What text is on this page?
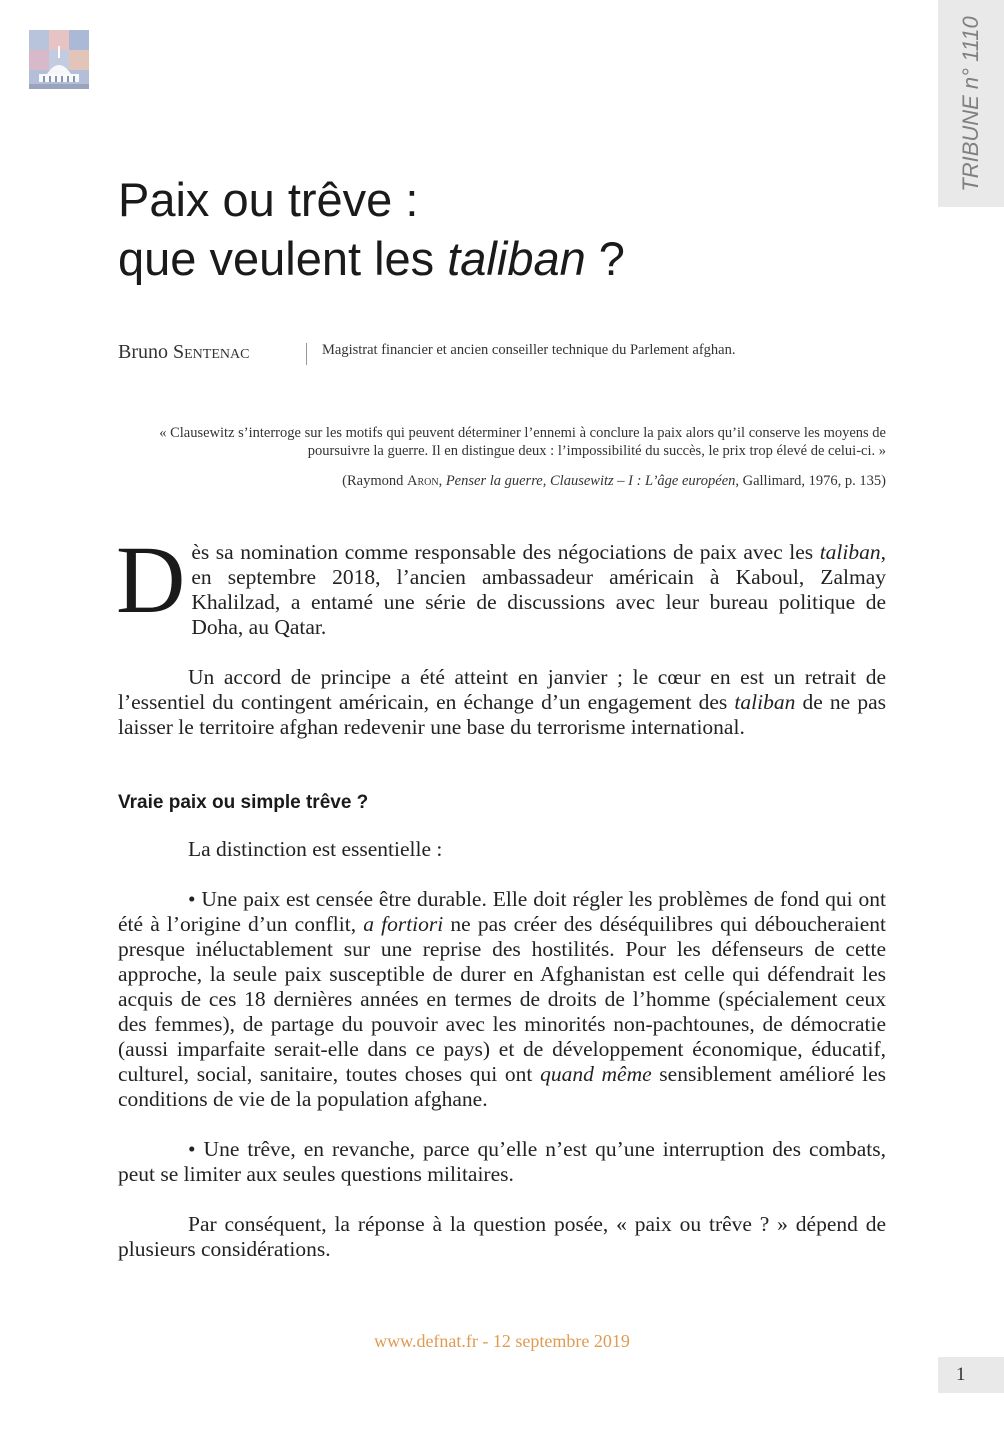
TRIBUNE n° 1110
Paix ou trêve :
que veulent les taliban ?
Bruno Sentenac	Magistrat financier et ancien conseiller technique du Parlement afghan.

« Clausewitz s’interroge sur les motifs qui peuvent déterminer l’ennemi à conclure la paix alors qu’il conserve les moyens de poursuivre la guerre. Il en distingue deux : l’impossibilité du succès, le prix trop élevé de celui-ci. »

(Raymond Aron, Penser la guerre, Clausewitz – I : L’âge européen, Gallimard, 1976, p. 135)

Dès sa nomination comme responsable des négociations de paix avec les taliban, en septembre 2018, l’ancien ambassadeur américain à Kaboul, Zalmay Khalilzad, a entamé une série de discussions avec leur bureau politique de Doha, au Qatar.

Un accord de principe a été atteint en janvier ; le cœur en est un retrait de l’essentiel du contingent américain, en échange d’un engagement des taliban de ne pas laisser le territoire afghan redevenir une base du terrorisme international.

Vraie paix ou simple trêve ?

La distinction est essentielle :

• Une paix est censée être durable. Elle doit régler les problèmes de fond qui ont été à l’origine d’un conflit, a fortiori ne pas créer des déséquilibres qui déboucheraient presque inéluctablement sur une reprise des hostilités. Pour les défenseurs de cette approche, la seule paix susceptible de durer en Afghanistan est celle qui défendrait les acquis de ces 18 dernières années en termes de droits de l’homme (spécialement ceux des femmes), de partage du pouvoir avec les minorités non-pachtounes, de démocratie (aussi imparfaite serait-elle dans ce pays) et de développement économique, éducatif, culturel, social, sanitaire, toutes choses qui ont quand même sensiblement amélioré les conditions de vie de la population afghane.

• Une trêve, en revanche, parce qu’elle n’est qu’une interruption des combats, peut se limiter aux seules questions militaires.

Par conséquent, la réponse à la question posée, « paix ou trêve ? » dépend de plusieurs considérations.

www.defnat.fr - 12 septembre 2019
1
